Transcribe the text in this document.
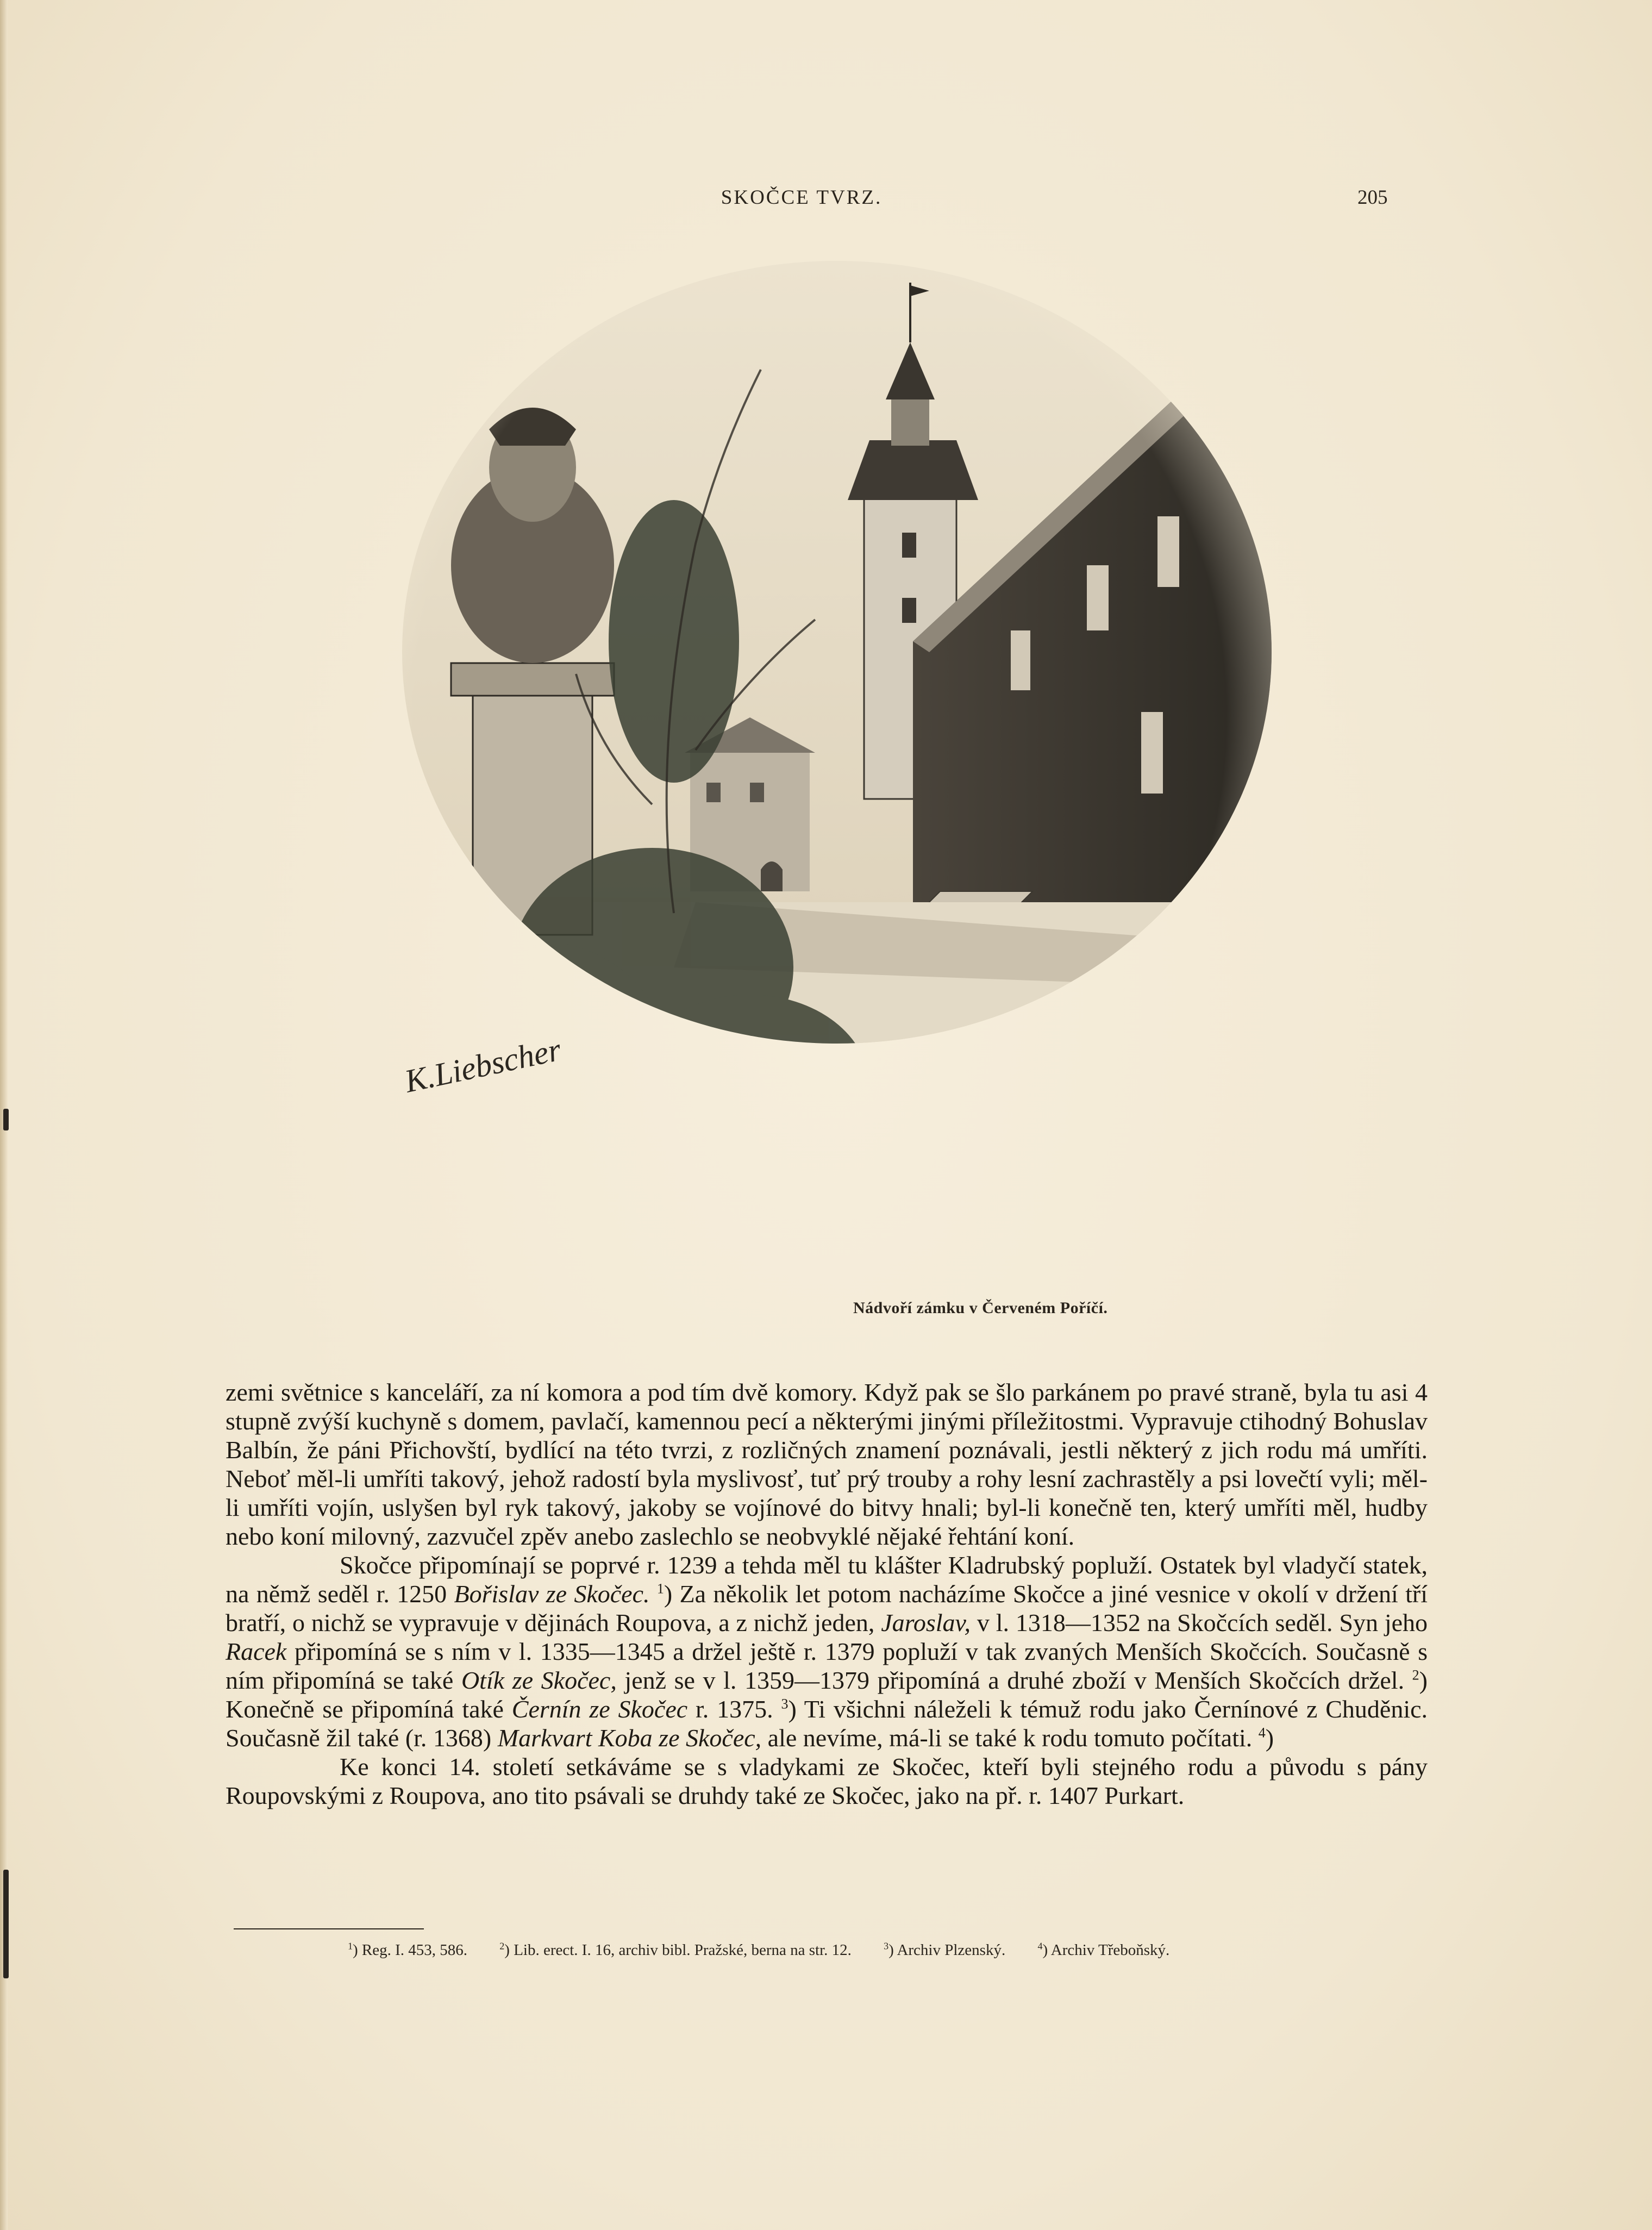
SKOČCE TVRZ.	205
K.Liebscher
Nádvoří zámku v Červeném Poříčí.

zemi světnice s kanceláří, za ní komora a pod tím dvě komory. Když pak se šlo parkánem po pravé straně, byla tu asi 4 stupně zvýší kuchyně s domem, pavlačí, kamennou pecí a některými jinými příležitostmi. Vypravuje ctihodný Bohuslav Balbín, že páni Přichovští, bydlící na této tvrzi, z rozličných znamení poznávali, jestli některý z jich rodu má umříti. Neboť měl-li umříti takový, jehož radostí byla myslivosť, tuť prý trouby a rohy lesní zachrastěly a psi lovečtí vyli; měl-li umříti vojín, uslyšen byl ryk takový, jakoby se vojínové do bitvy hnali; byl-li konečně ten, který umříti měl, hudby nebo koní milovný, zazvučel zpěv anebo zaslechlo se neobvyklé nějaké řehtání koní.

Skočce připomínají se poprvé r. 1239 a tehda měl tu klášter Kladrubský popluží. Ostatek byl vladyčí statek, na němž seděl r. 1250 Bořislav ze Skočec. $^1$) Za několik let potom nacházíme Skočce a jiné vesnice v okolí v držení tří bratří, o nichž se vypravuje v dějinách Roupova, a z nichž jeden, Jaroslav, v l. 1318—1352 na Skočcích seděl. Syn jeho Racek připomíná se s ním v l. 1335—1345 a držel ještě r. 1379 popluží v tak zvaných Menších Skočcích. Současně s ním připomíná se také Otík ze Skočec, jenž se v l. 1359—1379 připomíná a druhé zboží v Menších Skočcích držel. $^2$) Konečně se připomíná také Černín ze Skočec r. 1375. $^3$) Ti všichni náleželi k témuž rodu jako Černínové z Chuděnic. Současně žil také (r. 1368) Markvart Koba ze Skočec, ale nevíme, má-li se také k rodu tomuto počítati. $^4$)

Ke konci 14. století setkáváme se s vladykami ze Skočec, kteří byli stejného rodu a původu s pány Roupovskými z Roupova, ano tito psávali se druhdy také ze Skočec, jako na př. r. 1407 Purkart.

$^1$) Reg. I. 453, 586.	$^2$) Lib. erect. I. 16, archiv bibl. Pražské, berna na str. 12.	$^3$) Archiv Plzenský.	$^4$) Archiv Třeboňský.
